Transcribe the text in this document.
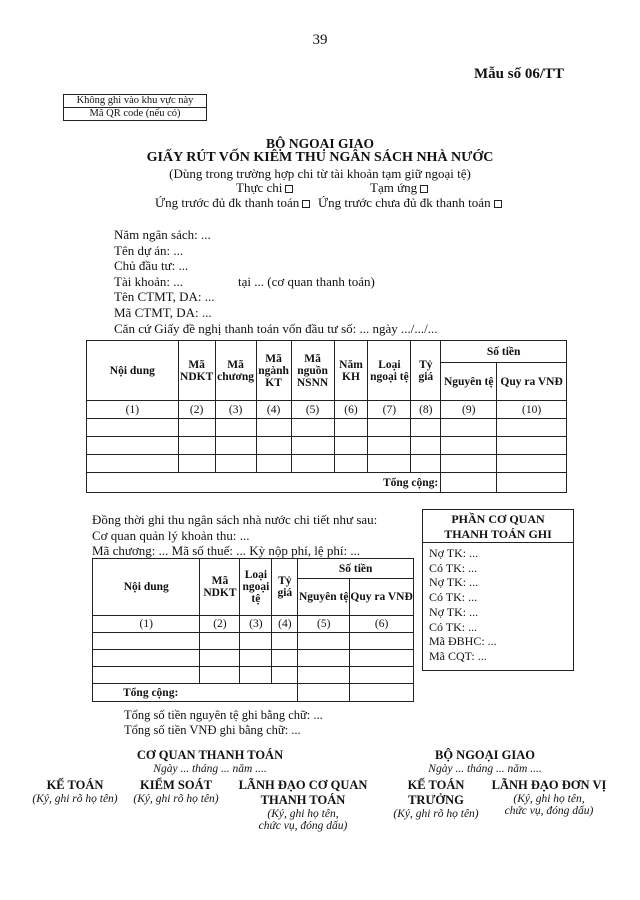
39
Mẫu số 06/TT
Không ghi vào khu vực này
Mã QR code (nếu có)
BỘ NGOẠI GIAO
GIẤY RÚT VỐN KIÊM THU NGÂN SÁCH NHÀ NƯỚC
(Dùng trong trường hợp chi từ tài khoản tạm giữ ngoại tệ)
Thực chi	Tạm ứng
Ứng trước đủ đk thanh toán	Ứng trước chưa đủ đk thanh toán
Năm ngân sách: ...
Tên dự án: ...
Chủ đầu tư: ...
Tài khoản: ...	tại ... (cơ quan thanh toán)
Tên CTMT, DA: ...
Mã CTMT, DA: ...
Căn cứ Giấy đề nghị thanh toán vốn đầu tư số: ... ngày .../.../...
Nội dung	Mã NDKT	Mã chương	Mã ngành KT	Mã nguồn NSNN	Năm KH	Loại ngoại tệ	Tỷ giá	Số tiền	
								Nguyên tệ	Quy ra VNĐ
(1)	(2)	(3)	(4)	(5)	(6)	(7)	(8)	(9)	(10)

Tổng cộng:									
Đồng thời ghi thu ngân sách nhà nước chi tiết như sau:
Cơ quan quản lý khoản thu: ...
Mã chương: ... Mã số thuế: ... Kỳ nộp phí, lệ phí: ...
Nội dung	Mã NDKT	Loại ngoại tệ	Tỷ giá	Số tiền	
				Nguyên tệ	Quy ra VNĐ
(1)	(2)	(3)	(4)	(5)	(6)

Tổng cộng:					
PHẦN CƠ QUAN
THANH TOÁN GHI
Nợ TK: ...
Có TK: ...
Nợ TK: ...
Có TK: ...
Nợ TK: ...
Có TK: ...
Mã ĐBHC: ...
Mã CQT: ...
Tổng số tiền nguyên tệ ghi bằng chữ: ...
Tổng số tiền VNĐ ghi bằng chữ: ...
CƠ QUAN THANH TOÁN
Ngày ... tháng ... năm ....
BỘ NGOẠI GIAO
Ngày ... tháng ... năm ....
KẾ TOÁN
(Ký, ghi rõ họ tên)
KIỂM SOÁT
(Ký, ghi rõ họ tên)
LÃNH ĐẠO CƠ QUAN
THANH TOÁN
(Ký, ghi họ tên,
chức vụ, đóng dấu)
KẾ TOÁN
TRƯỞNG
(Ký, ghi rõ họ tên)
LÃNH ĐẠO ĐƠN VỊ
(Ký, ghi họ tên,
chức vụ, đóng dấu)
